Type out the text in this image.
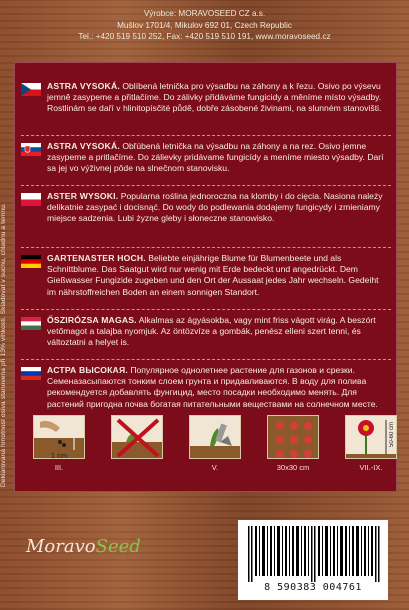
Výrobce: MORAVOSEED CZ a.s.
Mušlov 1701/4, Mikulov 692 01, Czech Republic
Tel.: +420 519 510 252, Fax: +420 519 510 191, www.moravoseed.cz
Deklarovaná hmotnost osiva stanovena při 13% vlhkosti. Skladovat v suchu, chladnu a temnu.
ASTRA VYSOKÁ. Oblíbená letnička pro výsadbu na záhony a k řezu. Osivo po výsevu jemně zasypeme a přitlačíme. Do zálivky přidáváme fungicidy a měníme místo výsadby. Rostlinám se daří v hlinitopísčité půdě, dobře zásobené živinami, na slunném stanovišti.
ASTRA VYSOKÁ. Obľúbená letnička na výsadbu na záhony a na rez. Osivo jemne zasypeme a pritlačíme. Do zálievky pridávame fungicídy a meníme miesto výsadby. Darí sa jej vo výživnej pôde na slnečnom stanovisku.
ASTER WYSOKI. Popularna roślina jednoroczna na klomby i do cięcia. Nasiona należy delikatnie zasypać i docisnąć. Do wody do podlewania dodajemy fungicydy i zmieniamy miejsce sadzenia. Lubi żyzne gleby i słoneczne stanowisko.
GARTENASTER HOCH. Beliebte einjährige Blume für Blumenbeete und als Schnittblume. Das Saatgut wird nur wenig mit Erde bedeckt und angedrückt. Dem Gießwasser Fungizide zugeben und den Ort der Aussaat jedes Jahr wechseln. Gedeiht im nährstoffreichen Boden an einem sonnigen Standort.
ŐSZIRÓZSA MAGAS. Alkalmas az ágyásokba, vagy mint friss vágott virág. A beszórt vetőmagot a talajba nyomjuk. Az öntözvíze a gombák, penész elleni szert tenni, és változtatni a helyet is.
АСТРА ВЫСОКАЯ. Популярное однолетнее растение для газонов и срезки. Семеназасыпаются тонким слоем грунта и придавливаются. В воду для полива рекомендуется добавлять фунгицид, место посадки необходимо менять. Для растений пригодна почва богатая питательными веществами на солнечном месте.
1 cm
III.	V.	30x30 cm
50-60 cm
VII.-IX.
MoravoSeed
8 590383 004761
